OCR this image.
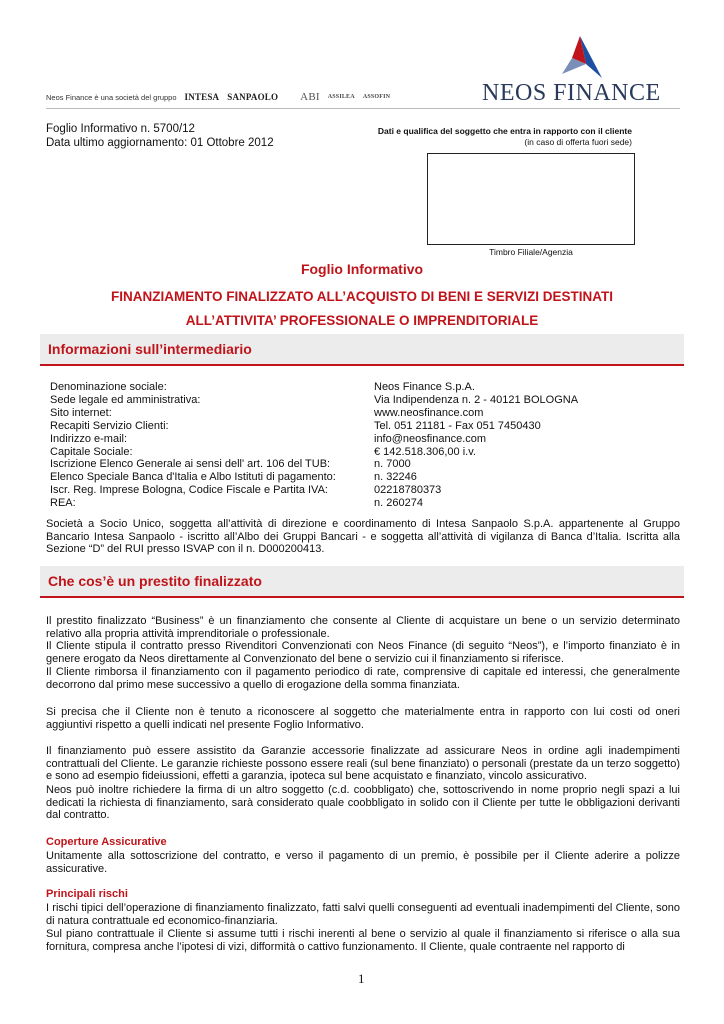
Neos Finance è una società del gruppo INTESA SANPAOLO ABI ASSILEA ASSOFIN	NEOS FINANCE
Foglio Informativo n. 5700/12
Data ultimo aggiornamento: 01 Ottobre 2012
Dati e qualifica del soggetto che entra in rapporto con il cliente
(in caso di offerta fuori sede)
Timbro Filiale/Agenzia
Foglio Informativo
FINANZIAMENTO FINALIZZATO ALL’ACQUISTO DI BENI E SERVIZI DESTINATI
ALL’ATTIVITA’ PROFESSIONALE O IMPRENDITORIALE
Informazioni sull’intermediario
Denominazione sociale:	Neos Finance S.p.A.
Sede legale ed amministrativa:	Via Indipendenza n. 2 - 40121 BOLOGNA
Sito internet:	www.neosfinance.com
Recapiti Servizio Clienti:	Tel. 051 21181 - Fax 051 7450430
Indirizzo e-mail:	info@neosfinance.com
Capitale Sociale:	€ 142.518.306,00 i.v.
Iscrizione Elenco Generale ai sensi dell' art. 106 del TUB:	n. 7000
Elenco Speciale Banca d'Italia e Albo Istituti di pagamento:	n. 32246
Iscr. Reg. Imprese Bologna, Codice Fiscale e Partita IVA:	02218780373
REA:	n. 260274
Società a Socio Unico, soggetta all’attività di direzione e coordinamento di Intesa Sanpaolo S.p.A. appartenente al Gruppo Bancario Intesa Sanpaolo - iscritto all’Albo dei Gruppi Bancari - e soggetta all’attività di vigilanza di Banca d’Italia. Iscritta alla Sezione “D” del RUI presso ISVAP con il n. D000200413.
Che cos’è un prestito finalizzato
Il prestito finalizzato “Business” è un finanziamento che consente al Cliente di acquistare un bene o un servizio determinato relativo alla propria attività imprenditoriale o professionale.
Il Cliente stipula il contratto presso Rivenditori Convenzionati con Neos Finance (di seguito “Neos”), e l’importo finanziato è in genere erogato da Neos direttamente al Convenzionato del bene o servizio cui il finanziamento si riferisce.
Il Cliente rimborsa il finanziamento con il pagamento periodico di rate, comprensive di capitale ed interessi, che generalmente decorrono dal primo mese successivo a quello di erogazione della somma finanziata.
Si precisa che il Cliente non è tenuto a riconoscere al soggetto che materialmente entra in rapporto con lui costi od oneri aggiuntivi rispetto a quelli indicati nel presente Foglio Informativo.
Il finanziamento può essere assistito da Garanzie accessorie finalizzate ad assicurare Neos in ordine agli inadempimenti contrattuali del Cliente. Le garanzie richieste possono essere reali (sul bene finanziato) o personali (prestate da un terzo soggetto) e sono ad esempio fideiussioni, effetti a garanzia, ipoteca sul bene acquistato e finanziato, vincolo assicurativo.
Neos può inoltre richiedere la firma di un altro soggetto (c.d. coobbligato) che, sottoscrivendo in nome proprio negli spazi a lui dedicati la richiesta di finanziamento, sarà considerato quale coobbligato in solido con il Cliente per tutte le obbligazioni derivanti dal contratto.
Coperture Assicurative
Unitamente alla sottoscrizione del contratto, e verso il pagamento di un premio, è possibile per il Cliente aderire a polizze assicurative.
Principali rischi
I rischi tipici dell’operazione di finanziamento finalizzato, fatti salvi quelli conseguenti ad eventuali inadempimenti del Cliente, sono di natura contrattuale ed economico-finanziaria.
Sul piano contrattuale il Cliente si assume tutti i rischi inerenti al bene o servizio al quale il finanziamento si riferisce o alla sua fornitura, compresa anche l’ipotesi di vizi, difformità o cattivo funzionamento. Il Cliente, quale contraente nel rapporto di
1
